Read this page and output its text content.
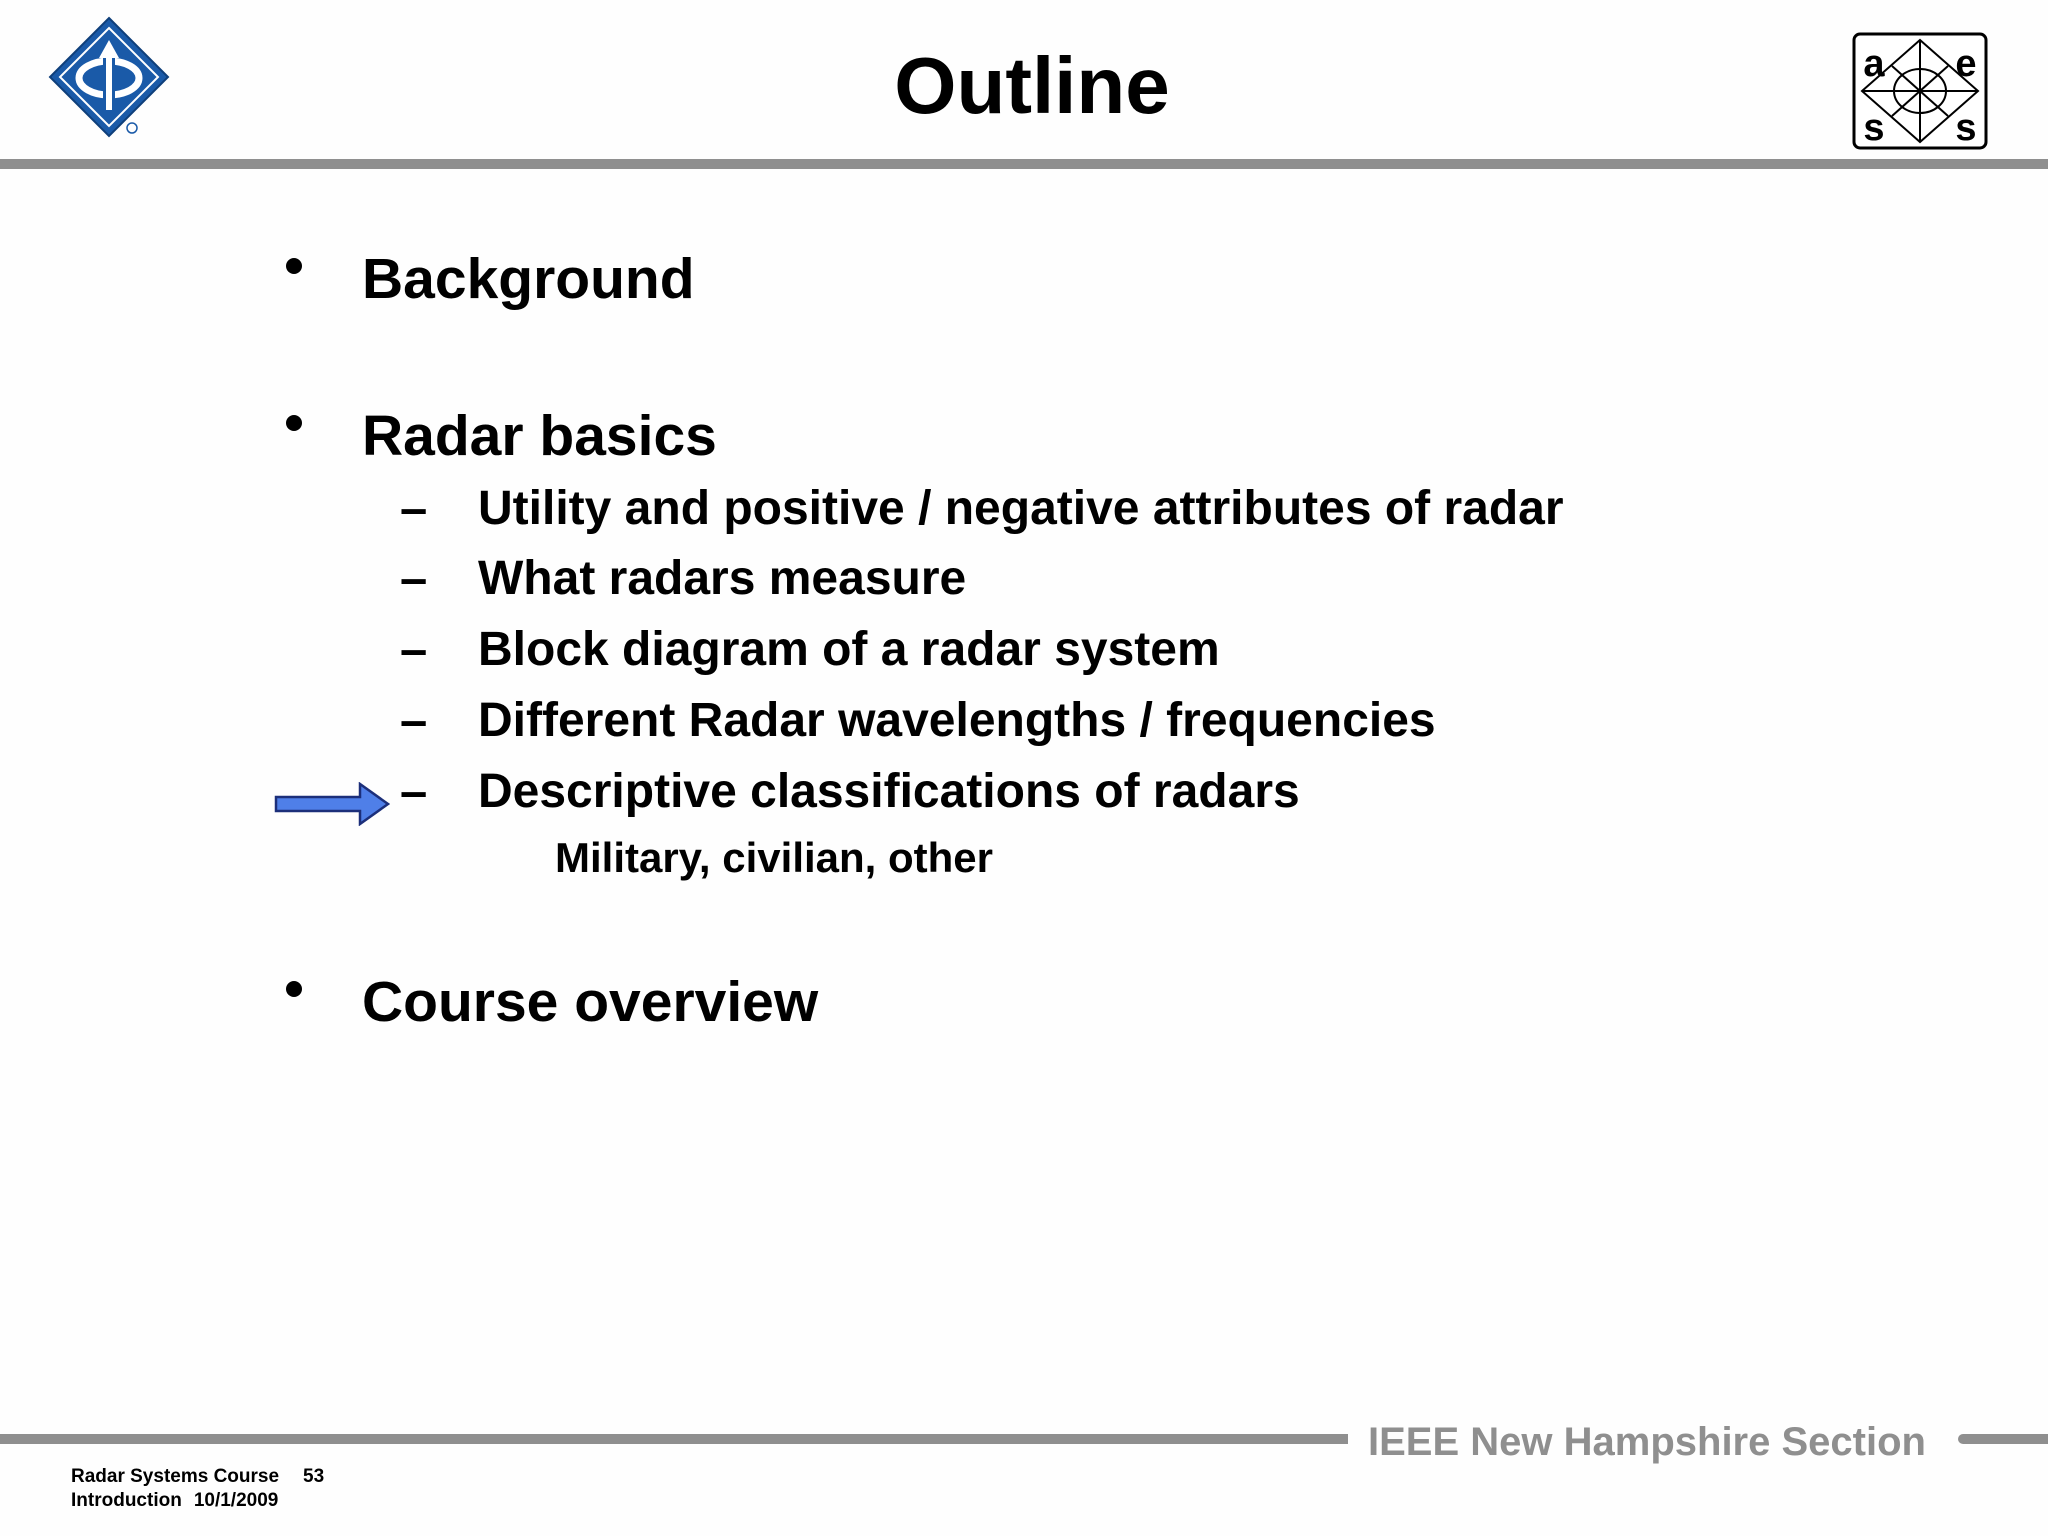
Outline	a e
s s
Background
Radar basics
– Utility and positive / negative attributes of radar
– What radars measure
– Block diagram of a radar system
– Different Radar wavelengths / frequencies
– Descriptive classifications of radars
Military, civilian, other
Course overview
IEEE New Hampshire Section
Radar Systems Course 53
Introduction 10/1/2009
